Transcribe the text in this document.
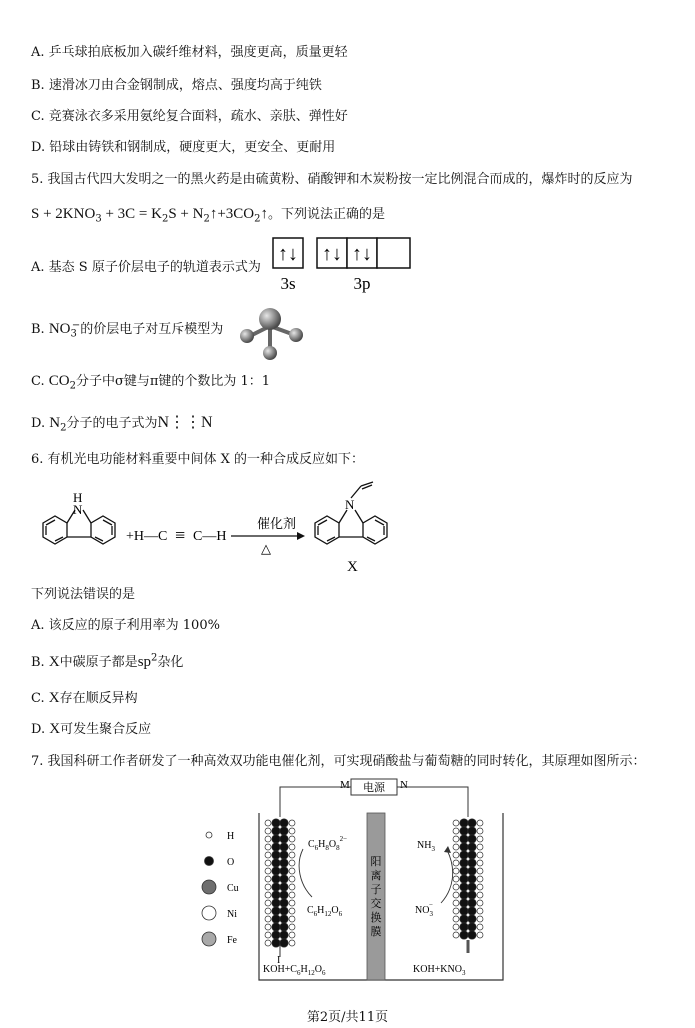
A. 乒乓球拍底板加入碳纤维材料，强度更高，质量更轻
B. 速滑冰刀由合金钢制成，熔点、强度均高于纯铁
C. 竞赛泳衣多采用氨纶复合面料，疏水、亲肤、弹性好
D. 铅球由铸铁和钢制成，硬度更大，更安全、更耐用
5. 我国古代四大发明之一的黑火药是由硫黄粉、硝酸钾和木炭粉按一定比例混合而成的，爆炸时的反应为
$S + 2KNO_3 + 3C = K_2S$ + $N_2↑+3CO_2↑$。下列说法正确的是
A. 基态 S 原子价层电子的轨道表示式为
↑↓ ↑↓ ↑↓
3s	3p
B. $NO_3^-$的价层电子对互斥模型为
C. $CO_2$分子中σ键与π键的个数比为 1：1
D. $N_2$分子的电子式为N⋮⋮N
6. 有机光电功能材料重要中间体 X 的一种合成反应如下：
H
N
+H—C ≡ C—H
催化剂
△
N
X
下列说法错误的是
A. 该反应的原子利用率为 100%
B. X中碳原子都是$sp^2$杂化
C. X存在顺反异构
D. X可发生聚合反应
7. 我国科研工作者研发了一种高效双功能电催化剂，可实现硝酸盐与葡萄糖的同时转化，其原理如图所示：
M 电源 N
阳
离
子
交
换
膜
I
H
O
Cu
Ni
Fe
$C_6H_8O_8^{2-}$
$C_6H_{12}O_6$
$NH_3$
$NO_3-$
$KOH+C_6H_{12}O_6$	$KOH+KNO_3$
第2页/共11页
